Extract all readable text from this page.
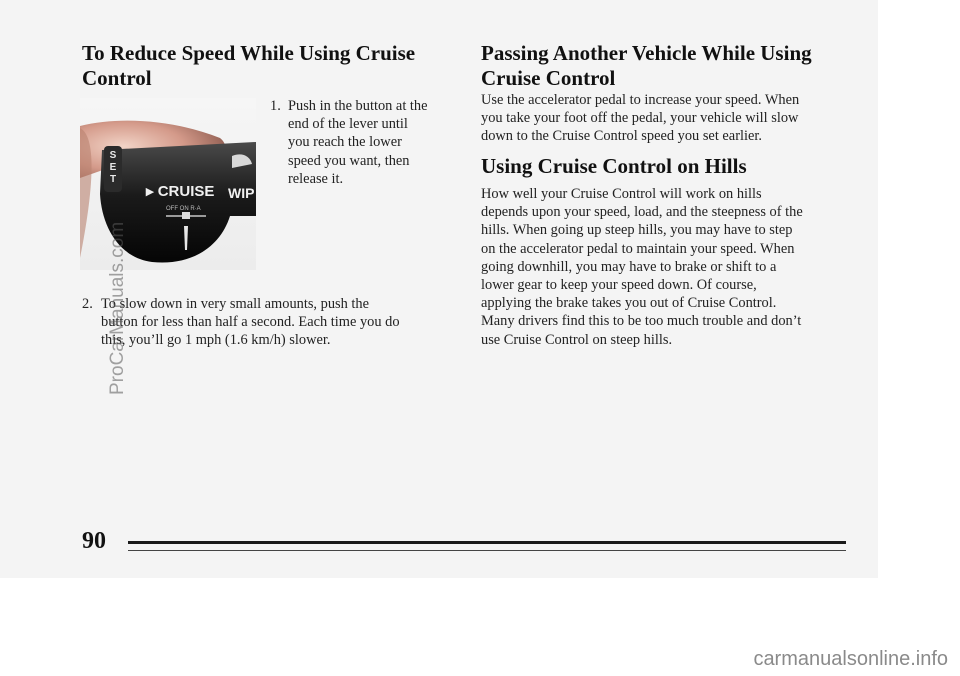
To Reduce Speed While Using Cruise
Control
1. Push in the button at the
end of the lever until
you reach the lower
speed you want, then
release it.
S
E
T
▸ CRUISE WIP
OFF ON R·A
2. To slow down in very small amounts, push the
button for less than half a second. Each time you do
this, you’ll go 1 mph (1.6 km/h) slower.
Passing Another Vehicle While Using
Cruise Control
Use the accelerator pedal to increase your speed. When
you take your foot off the pedal, your vehicle will slow
down to the Cruise Control speed you set earlier.
Using Cruise Control on Hills
How well your Cruise Control will work on hills
depends upon your speed, load, and the steepness of the
hills. When going up steep hills, you may have to step
on the accelerator pedal to maintain your speed. When
going downhill, you may have to brake or shift to a
lower gear to keep your speed down. Of course,
applying the brake takes you out of Cruise Control.
Many drivers find this to be too much trouble and don’t
use Cruise Control on steep hills.

90

ProCarManuals.com
carmanualsonline.info
